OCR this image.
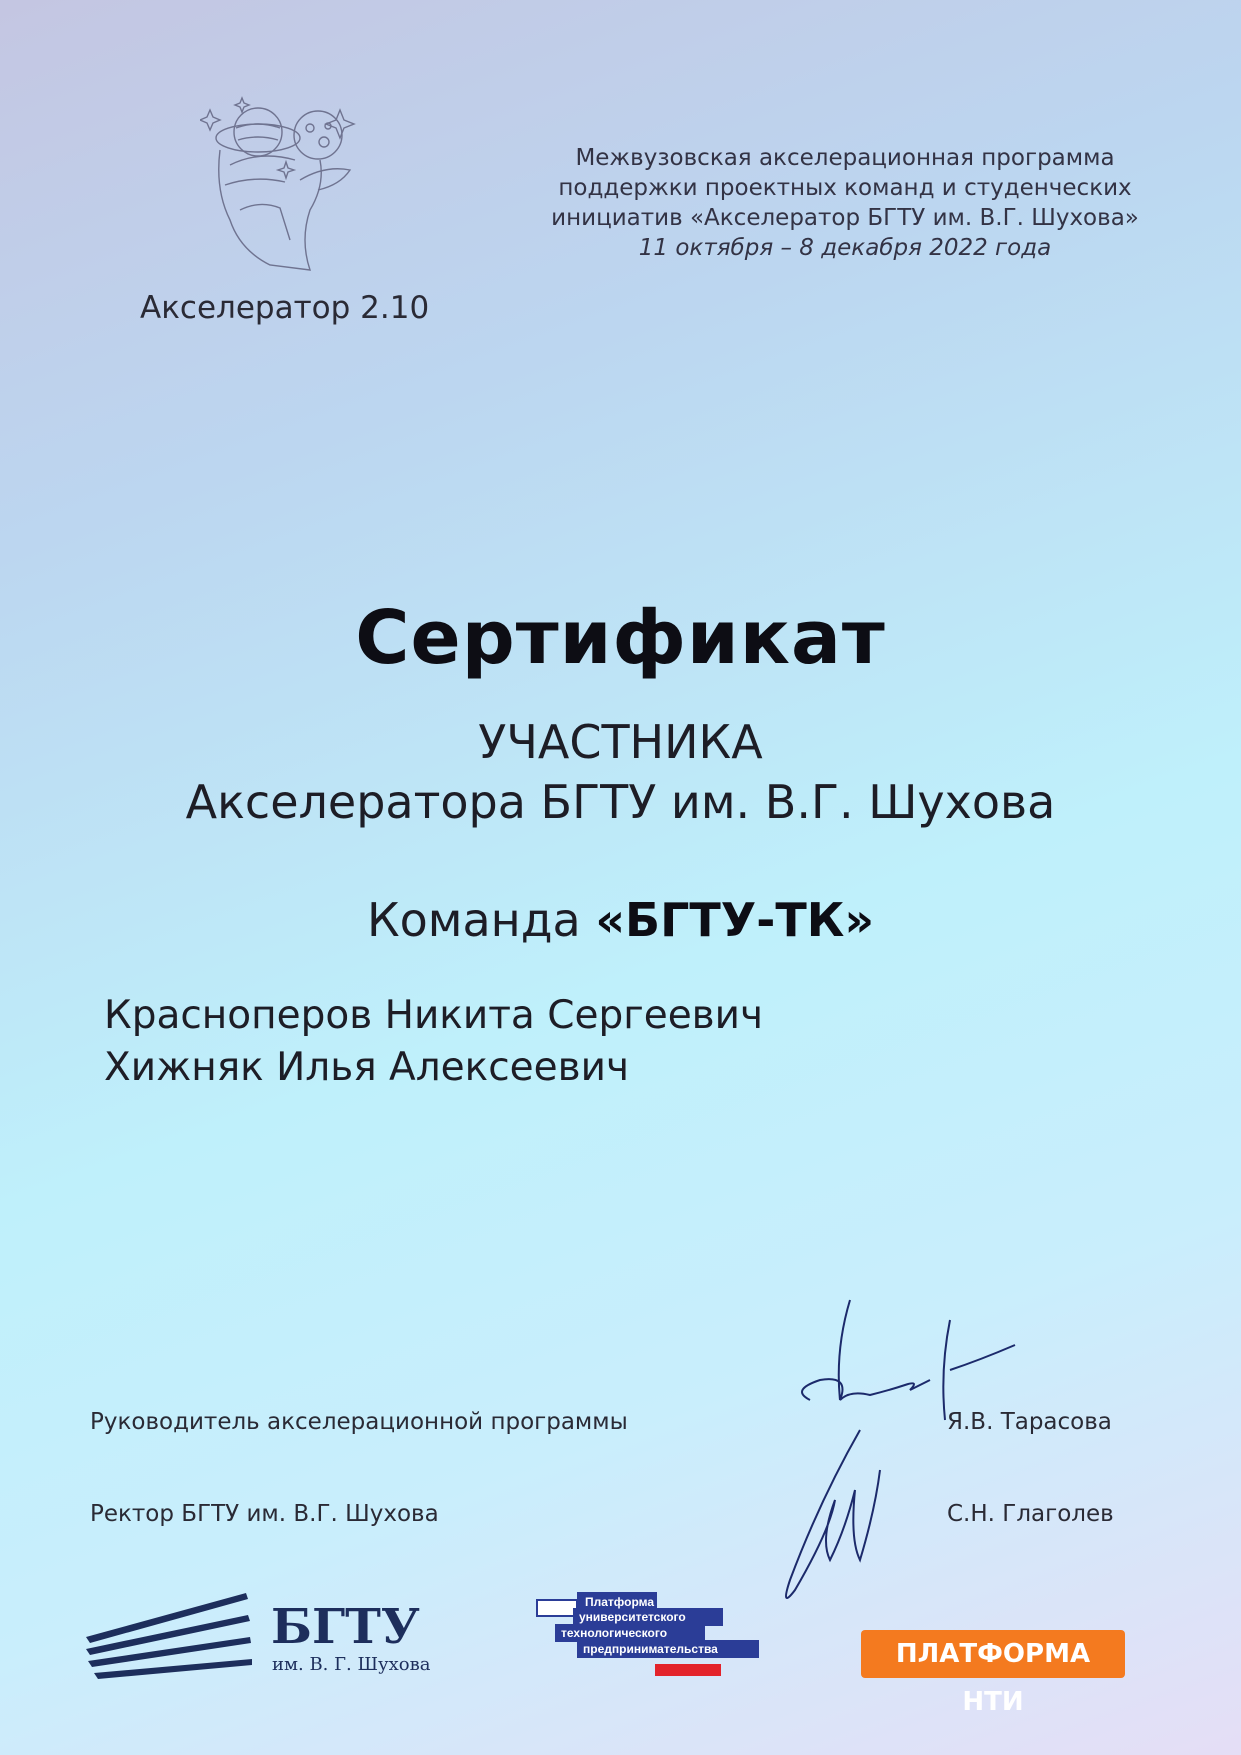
Акселератор 2.10
Межвузовская акселерационная программа
поддержки проектных команд и студенческих
инициатив «Акселератор БГТУ им. В.Г. Шухова»
11 октября – 8 декабря 2022 года
Сертификат
УЧАСТНИКА
Акселератора БГТУ им. В.Г. Шухова
Команда «БГТУ-ТК»
Красноперов Никита Сергеевич
Хижняк Илья Алексеевич
Руководитель акселерационной программы	Я.В. Тарасова
Ректор БГТУ им. В.Г. Шухова	С.Н. Глаголев
БГТУ
им. В. Г. Шухова
Платформа
университетского
технологического
предпринимательства	ПЛАТФОРМА НТИ
